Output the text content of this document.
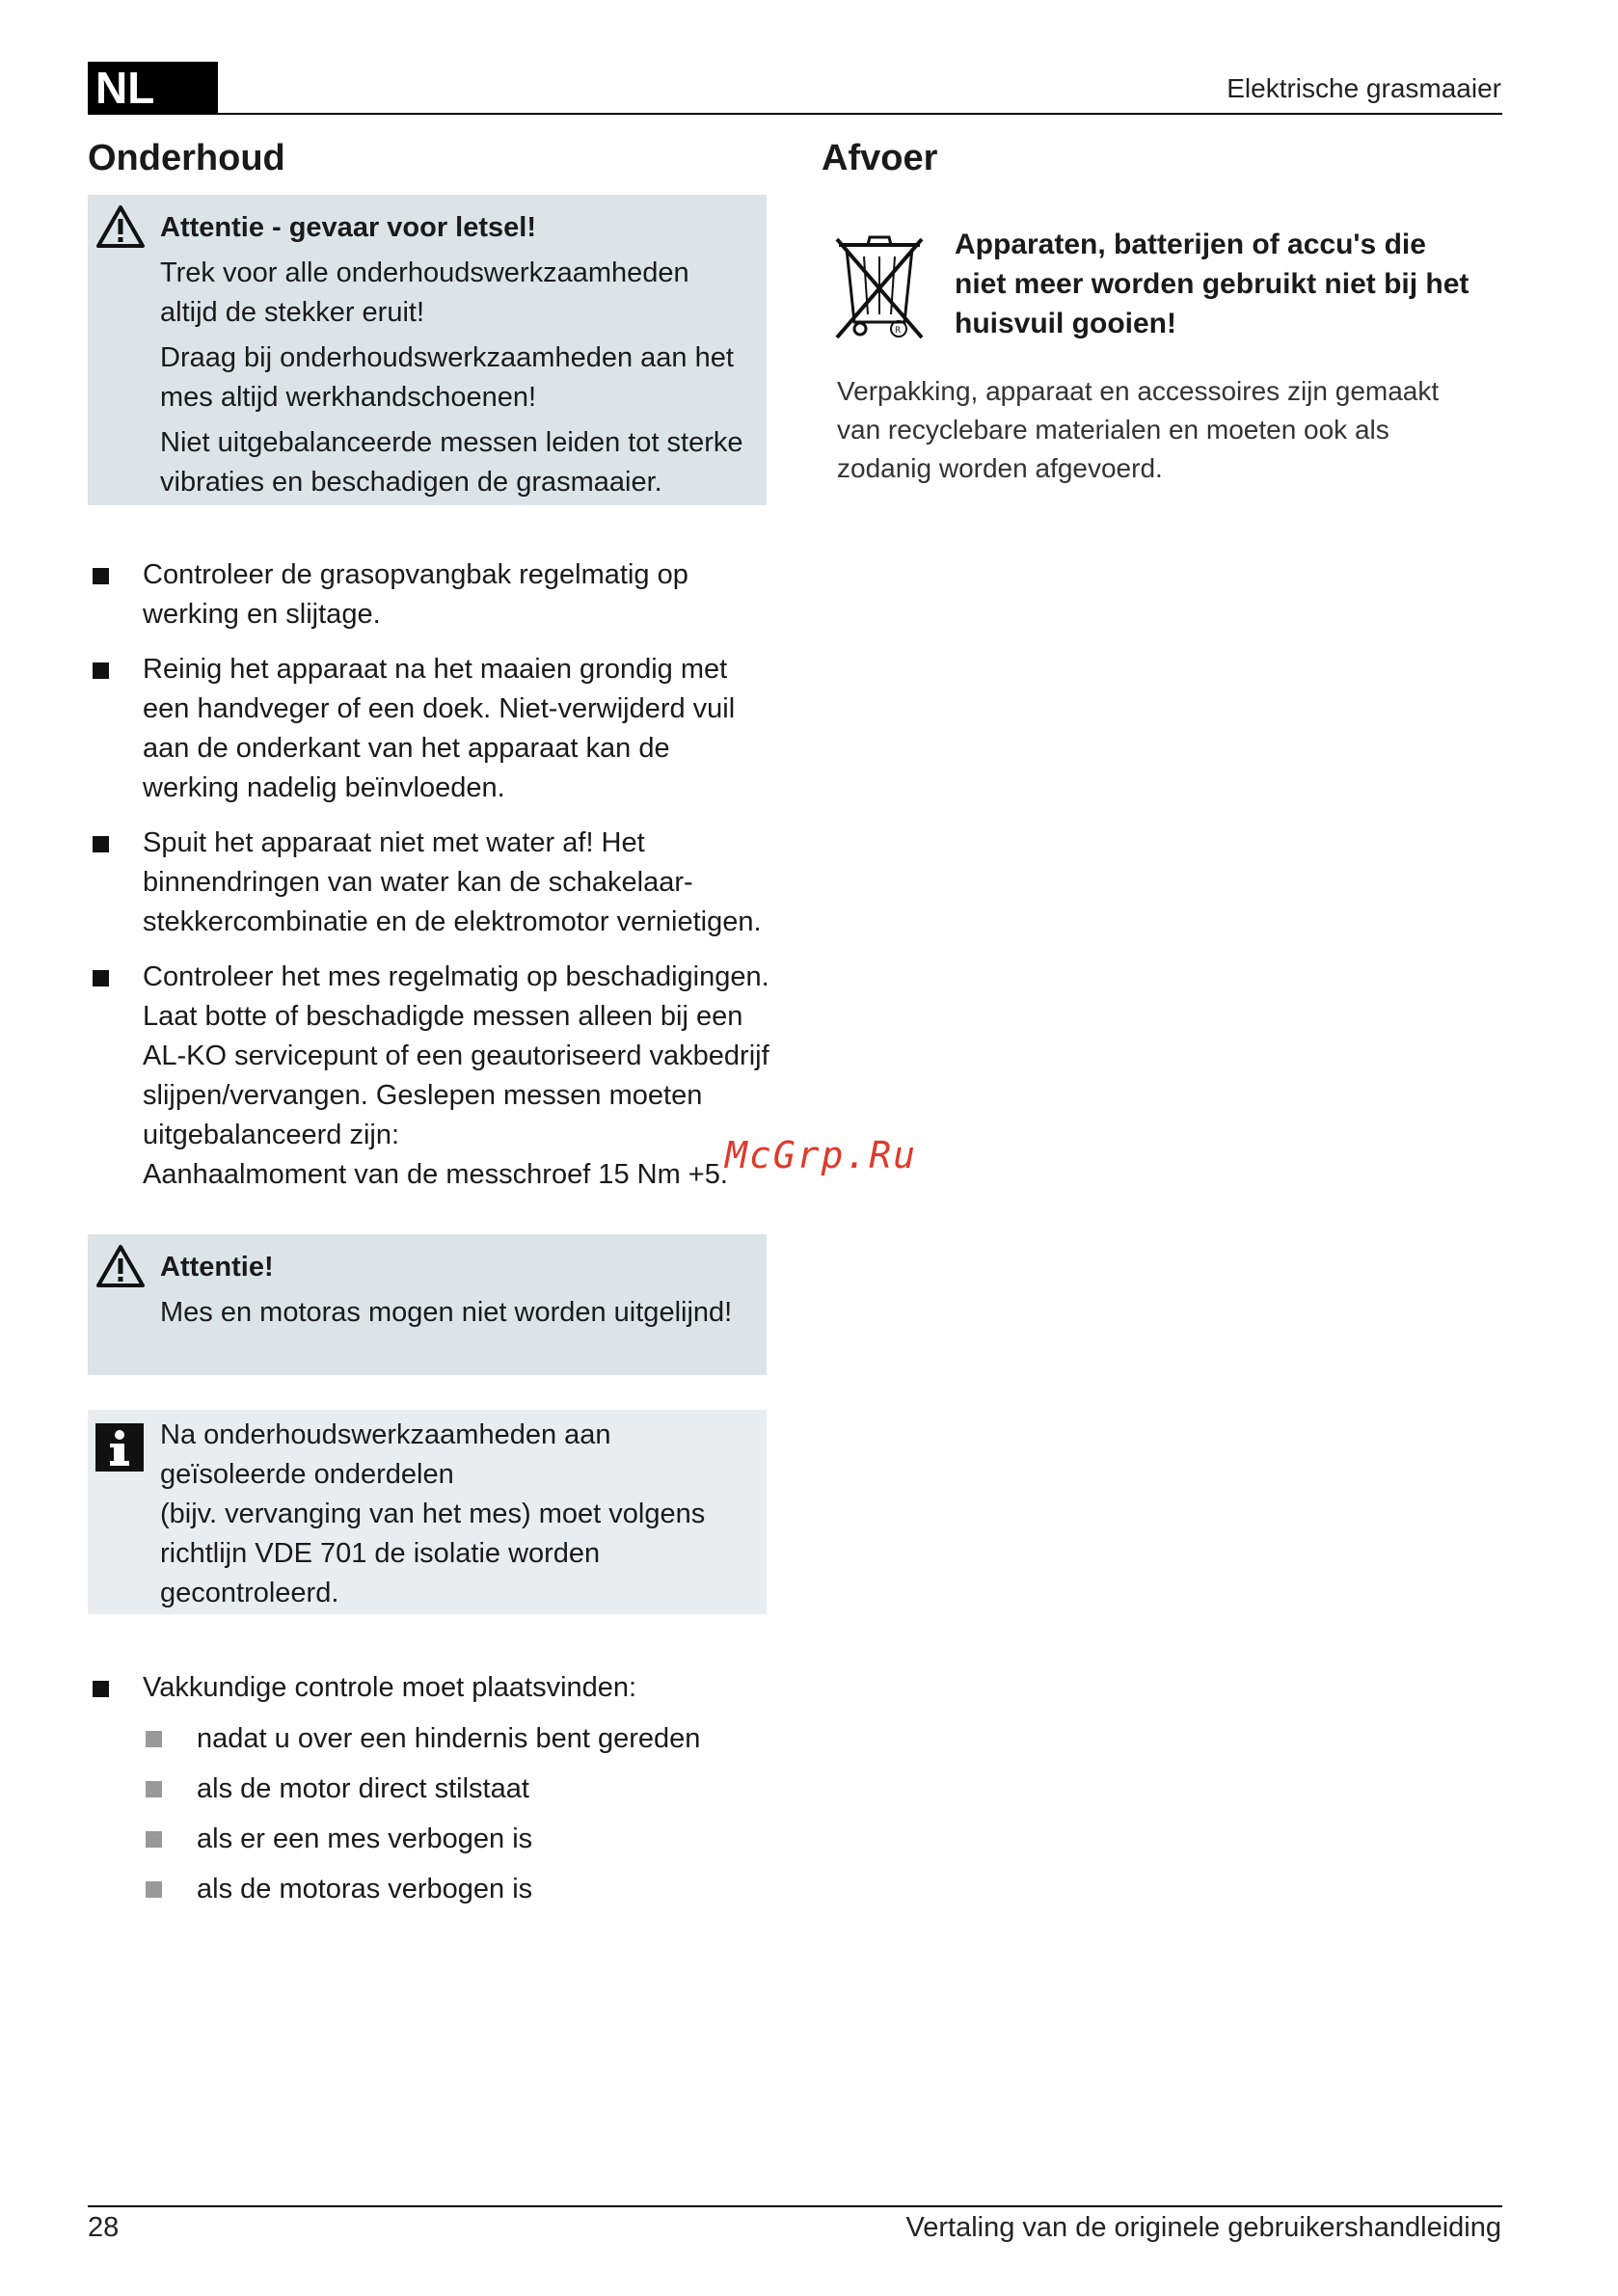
NL	Elektrische grasmaaier
Onderhoud	Afvoer

Attentie - gevaar voor letsel!

Trek voor alle onderhoudswerkzaamheden altijd de stekker eruit!

Draag bij onderhoudswerkzaamheden aan het mes altijd werkhandschoenen!

Niet uitgebalanceerde messen leiden tot sterke vibraties en beschadigen de grasmaaier.

Controleer de grasopvangbak regelmatig op werking en slijtage.
Reinig het apparaat na het maaien grondig met een handveger of een doek. Niet-verwijderd vuil aan de onderkant van het apparaat kan de werking nadelig beïnvloeden.
Spuit het apparaat niet met water af! Het binnendringen van water kan de schakelaar-stekkercombinatie en de elektromotor vernietigen.
Controleer het mes regelmatig op beschadigingen. Laat botte of beschadigde messen alleen bij een AL-KO servicepunt of een geautoriseerd vakbedrijf slijpen/vervangen. Geslepen messen moeten uitgebalanceerd zijn:
Aanhaalmoment van de messchroef 15 Nm +5.
McGrp.Ru

Attentie!

Mes en motoras mogen niet worden uitgelijnd!

Na onderhoudswerkzaamheden aan geïsoleerde onderdelen

(bijv. vervanging van het mes) moet volgens richtlijn VDE 701 de isolatie worden gecontroleerd.

Vakkundige controle moet plaatsvinden:
nadat u over een hindernis bent gereden
als de motor direct stilstaat
als er een mes verbogen is
als de motoras verbogen is
R
Apparaten, batterijen of accu's die niet meer worden gebruikt niet bij het huisvuil gooien!
Verpakking, apparaat en accessoires zijn gemaakt van recyclebare materialen en moeten ook als zodanig worden afgevoerd.
28	Vertaling van de originele gebruikershandleiding
